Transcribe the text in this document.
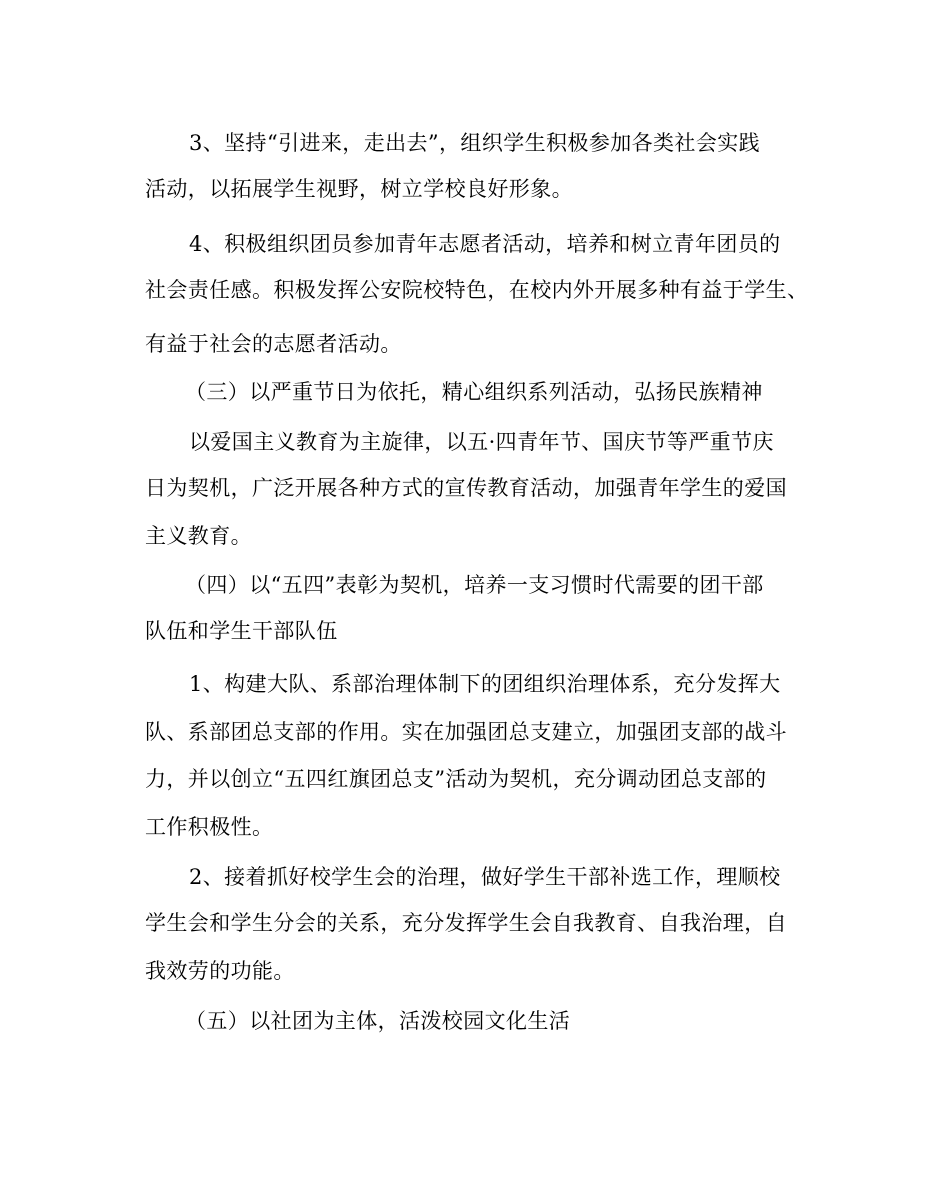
3、坚持“引进来，走出去”，组织学生积极参加各类社会实践
活动，以拓展学生视野，树立学校良好形象。
4、积极组织团员参加青年志愿者活动，培养和树立青年团员的
社会责任感。积极发挥公安院校特色，在校内外开展多种有益于学生、
有益于社会的志愿者活动。
（三）以严重节日为依托，精心组织系列活动，弘扬民族精神
以爱国主义教育为主旋律，以五·四青年节、国庆节等严重节庆
日为契机，广泛开展各种方式的宣传教育活动，加强青年学生的爱国
主义教育。
（四）以“五四”表彰为契机，培养一支习惯时代需要的团干部
队伍和学生干部队伍
1、构建大队、系部治理体制下的团组织治理体系，充分发挥大
队、系部团总支部的作用。实在加强团总支建立，加强团支部的战斗
力，并以创立“五四红旗团总支”活动为契机，充分调动团总支部的
工作积极性。
2、接着抓好校学生会的治理，做好学生干部补选工作，理顺校
学生会和学生分会的关系，充分发挥学生会自我教育、自我治理，自
我效劳的功能。
（五）以社团为主体，活泼校园文化生活
